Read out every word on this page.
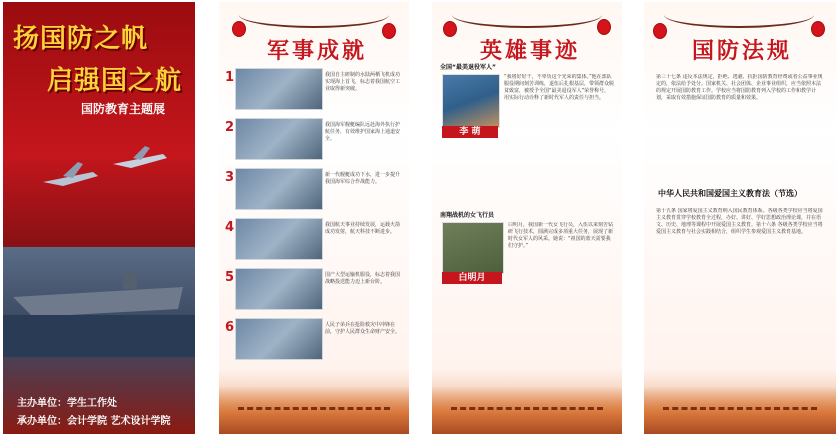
扬国防之帆
启强国之航
国防教育主题展
主办单位：学生工作处
承办单位：会计学院 艺术设计学院
军事成就
1	我国自主研制的水陆两栖飞机成功实现海上首飞，标志着我国航空工业取得新突破。
2	我国海军舰艇编队远赴海外执行护航任务，有效维护国家海上通道安全。
3	新一代舰艇成功下水，进一步提升我国海军综合作战能力。
4	我国航天事业持续发展，运载火箭成功发射，航天科技不断进步。
5	国产大型运输机服役，标志着我国战略投送能力迈上新台阶。
6	人民子弟兵在抢险救灾中冲锋在前，守护人民群众生命财产安全。
英雄事迹
全国“最美退役军人”
李 萌
“我将好好干，不辜负这个光荣的集体。”他在部队服役期间刻苦训练，退伍后扎根基层，带领群众脱贫致富，被授予全国“最美退役军人”荣誉称号，用实际行动诠释了新时代军人的责任与担当。
南翔战机的女飞行员
白明月
白明月，我国新一代女飞行员，入伍以来刻苦钻研飞行技术，圆满完成多项重大任务，展现了新时代女军人的风采。她说：“祖国的蓝天需要我们守护。”
国防法规
第三十七条 违反本法规定，拒绝、逃避、抗拒国防教育经费或者公益事业规定的，依法给予处分。国家机关、社会团体、企业事业组织，应当依照本法的规定开展国防教育工作。学校应当将国防教育列入学校的工作和教学计划，采取有效措施保证国防教育的质量和效果。
中华人民共和国爱国主义教育法（节选）
第十五条 国家将爱国主义教育纳入国民教育体系。各级各类学校应当将爱国主义教育贯穿学校教育全过程，办好、讲好、学好思想政治理论课，并在语文、历史、地理等课程中开展爱国主义教育。第十六条 各级各类学校应当将爱国主义教育与社会实践相结合，组织学生参观爱国主义教育基地。
